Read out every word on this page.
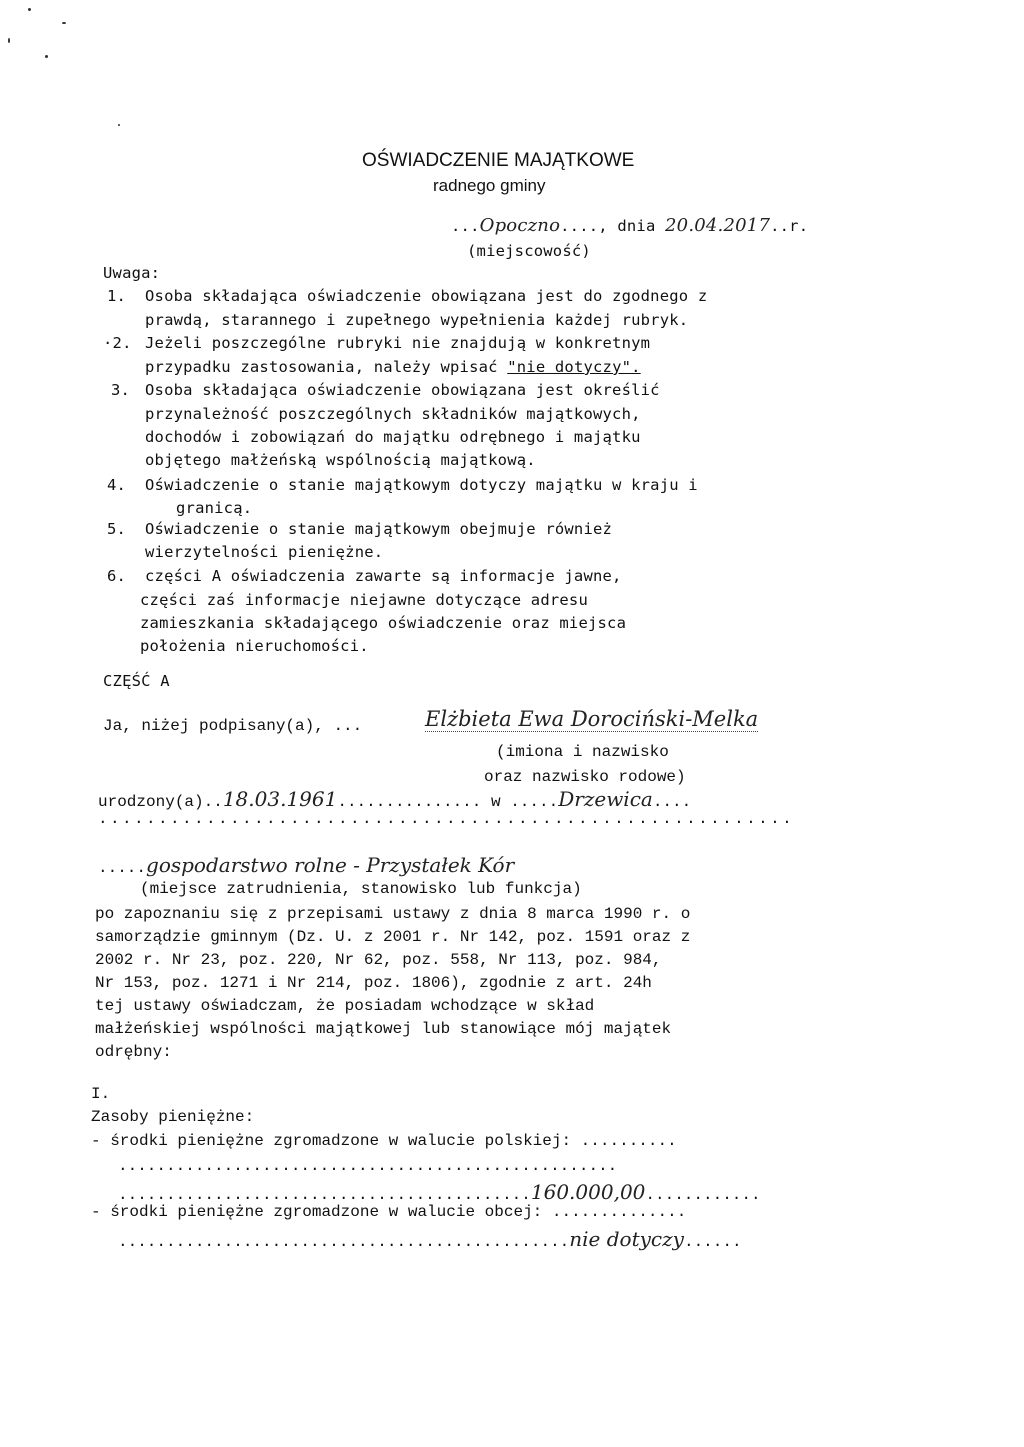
OŚWIADCZENIE MAJĄTKOWE
radnego gminy
...Opoczno...., dnia 20.04.2017..r.
(miejscowość)
Uwaga:
1. Osoba składająca oświadczenie obowiązana jest do zgodnego z
prawdą, starannego i zupełnego wypełnienia każdej rubryk.
·2. Jeżeli poszczególne rubryki nie znajdują w konkretnym
przypadku zastosowania, należy wpisać "nie dotyczy".
3. Osoba składająca oświadczenie obowiązana jest określić
przynależność poszczególnych składników majątkowych,
dochodów i zobowiązań do majątku odrębnego i majątku
objętego małżeńską wspólnością majątkową.
4. Oświadczenie o stanie majątkowym dotyczy majątku w kraju i
granicą.
5. Oświadczenie o stanie majątkowym obejmuje również
wierzytelności pieniężne.
6. części A oświadczenia zawarte są informacje jawne,
części zaś informacje niejawne dotyczące adresu
zamieszkania składającego oświadczenie oraz miejsca
położenia nieruchomości.
CZĘŚĆ A
Ja, niżej podpisany(a), ...	Elżbieta Ewa Dorociński-Melka
(imiona i nazwisko
oraz nazwisko rodowe)
urodzony(a)..18.03.1961............... w .....Drzewica....
..........................................................
.....gospodarstwo rolne - Przystałek Kór
(miejsce zatrudnienia, stanowisko lub funkcja)
po zapoznaniu się z przepisami ustawy z dnia 8 marca 1990 r. o
samorządzie gminnym (Dz. U. z 2001 r. Nr 142, poz. 1591 oraz z
2002 r. Nr 23, poz. 220, Nr 62, poz. 558, Nr 113, poz. 984,
Nr 153, poz. 1271 i Nr 214, poz. 1806), zgodnie z art. 24h
tej ustawy oświadczam, że posiadam wchodzące w skład
małżeńskiej wspólności majątkowej lub stanowiące mój majątek
odrębny:
I.
Zasoby pieniężne:
- środki pieniężne zgromadzone w walucie polskiej: ..........
....................................................
...........................................160.000,00............
- środki pieniężne zgromadzone w walucie obcej: ..............
...............................................nie dotyczy......
